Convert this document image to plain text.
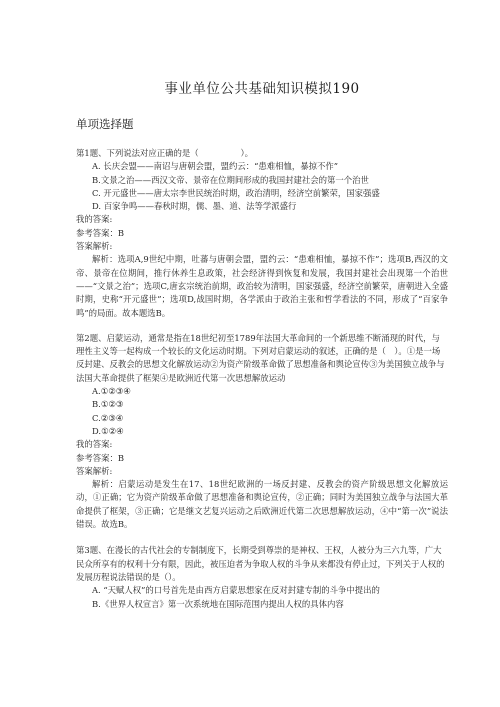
事业单位公共基础知识模拟190
单项选择题
第1题、下列说法对应正确的是（　　　　　）。
A. 长庆会盟——南诏与唐朝会盟，盟约云：“患难相恤，暴掠不作”
B.文景之治——西汉文帝、景帝在位期间形成的我国封建社会的第一个治世
C. 开元盛世——唐太宗李世民统治时期，政治清明，经济空前繁荣，国家强盛
D. 百家争鸣——春秋时期，儒、墨、道、法等学派盛行
我的答案:
参考答案：B
答案解析:
解析：选项A,9世纪中期，吐蕃与唐朝会盟，盟约云：“患难相恤，暴掠不作”；选项B,西汉的文帝、景帝在位期间，推行休养生息政策，社会经济得到恢复和发展，我国封建社会出现第一个治世——“文景之治”；选项C,唐玄宗统治前期，政治较为清明，国家强盛，经济空前繁荣，唐朝进入全盛时期，史称“开元盛世”；选项D,战国时期，各学派由于政治主张和哲学看法的不同，形成了“百家争鸣”的局面。故本题选B。
第2题、启蒙运动，通常是指在18世纪初至1789年法国大革命间的一个新思维不断涌现的时代，与理性主义等一起构成一个较长的文化运动时期。下列对启蒙运动的叙述，正确的是（　）。①是一场反封建、反教会的思想文化解放运动②为资产阶级革命做了思想准备和舆论宣传③为美国独立战争与法国大革命提供了框架④是欧洲近代第一次思想解放运动
A.①②③④
B.①②③
C.②③④
D.①②④
我的答案:
参考答案：B
答案解析:
解析：启蒙运动是发生在17、18世纪欧洲的一场反封建、反教会的资产阶级思想文化解放运动，①正确；它为资产阶级革命做了思想准备和舆论宣传，②正确；同时为美国独立战争与法国大革命提供了框架，③正确；它是继文艺复兴运动之后欧洲近代第二次思想解放运动，④中“第一次”说法错误。故选B。
第3题、在漫长的古代社会的专制制度下，长期受到尊崇的是神权、王权，人被分为三六九等，广大民众所享有的权利十分有限，因此，被压迫者为争取人权的斗争从来都没有停止过，下列关于人权的发展历程说法错误的是（）。
A. “天赋人权”的口号首先是由西方启蒙思想家在反对封建专制的斗争中提出的
B.《世界人权宣言》第一次系统地在国际范围内提出人权的具体内容
